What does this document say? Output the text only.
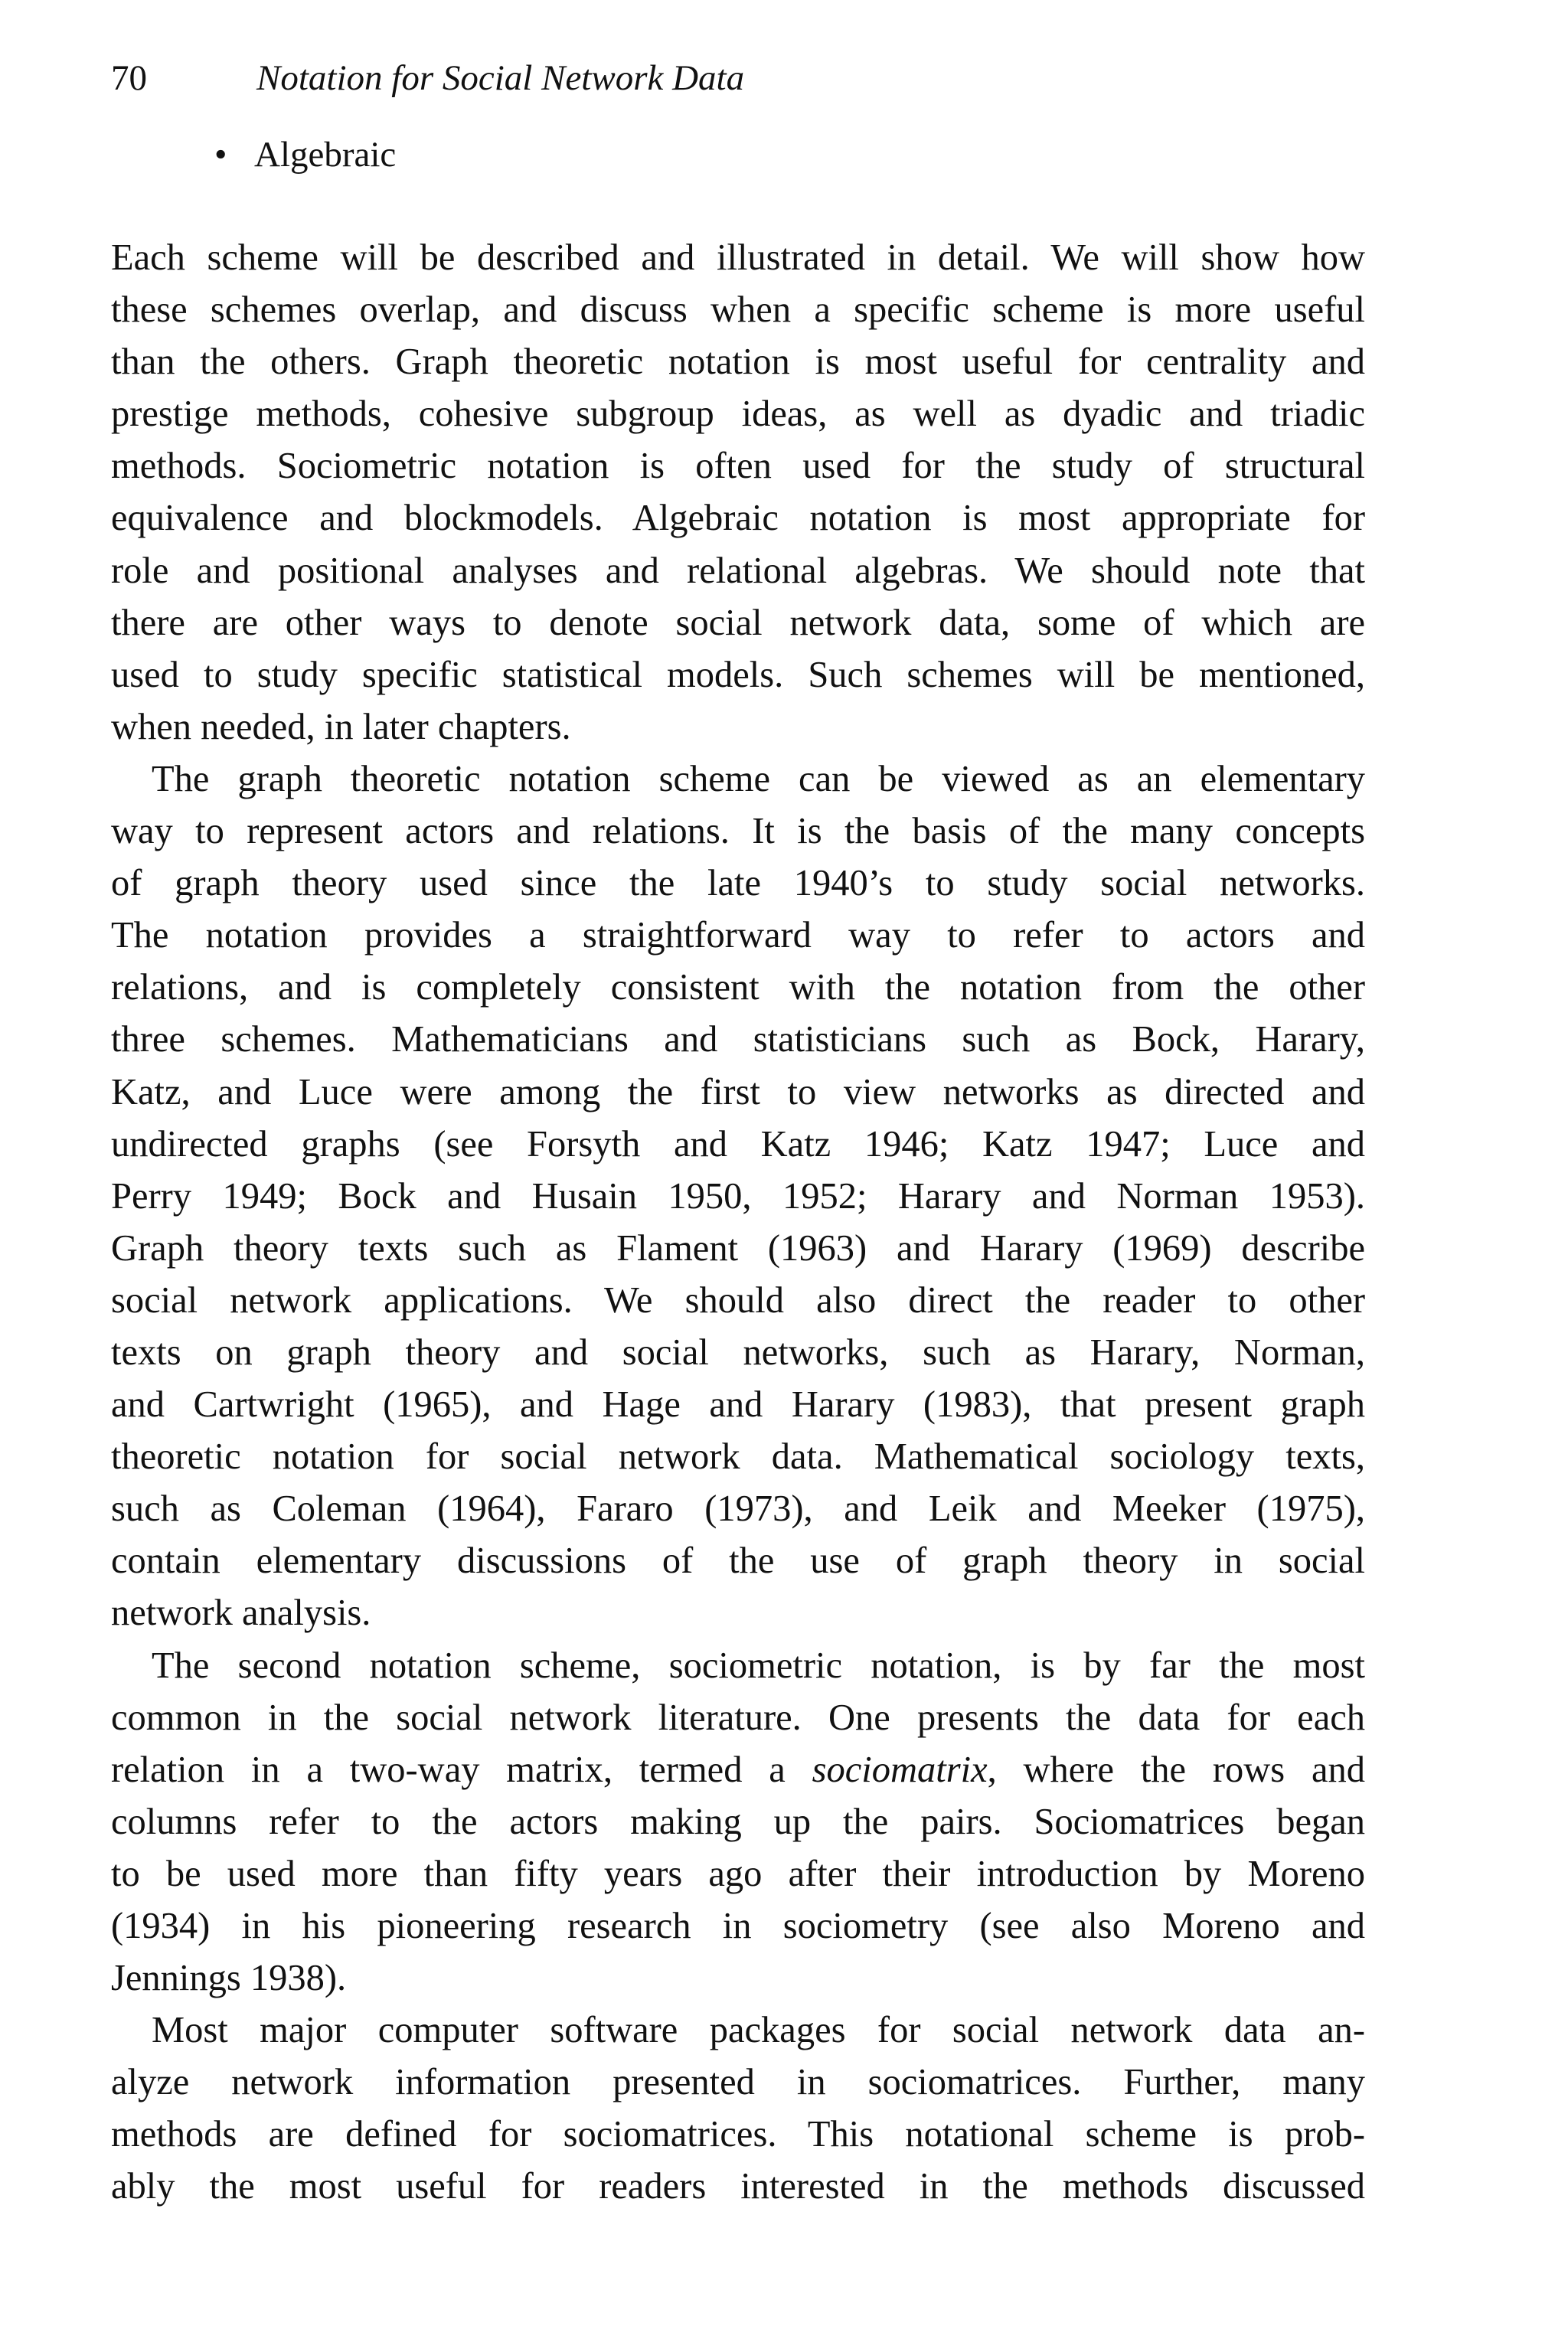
70	Notation for Social Network Data
• Algebraic
Each scheme will be described and illustrated in detail. We will show how
these schemes overlap, and discuss when a specific scheme is more useful
than the others. Graph theoretic notation is most useful for centrality and
prestige methods, cohesive subgroup ideas, as well as dyadic and triadic
methods. Sociometric notation is often used for the study of structural
equivalence and blockmodels. Algebraic notation is most appropriate for
role and positional analyses and relational algebras. We should note that
there are other ways to denote social network data, some of which are
used to study specific statistical models. Such schemes will be mentioned,
when needed, in later chapters.
The graph theoretic notation scheme can be viewed as an elementary
way to represent actors and relations. It is the basis of the many concepts
of graph theory used since the late 1940’s to study social networks.
The notation provides a straightforward way to refer to actors and
relations, and is completely consistent with the notation from the other
three schemes. Mathematicians and statisticians such as Bock, Harary,
Katz, and Luce were among the first to view networks as directed and
undirected graphs (see Forsyth and Katz 1946; Katz 1947; Luce and
Perry 1949; Bock and Husain 1950, 1952; Harary and Norman 1953).
Graph theory texts such as Flament (1963) and Harary (1969) describe
social network applications. We should also direct the reader to other
texts on graph theory and social networks, such as Harary, Norman,
and Cartwright (1965), and Hage and Harary (1983), that present graph
theoretic notation for social network data. Mathematical sociology texts,
such as Coleman (1964), Fararo (1973), and Leik and Meeker (1975),
contain elementary discussions of the use of graph theory in social
network analysis.
The second notation scheme, sociometric notation, is by far the most
common in the social network literature. One presents the data for each
relation in a two-way matrix, termed a sociomatrix, where the rows and
columns refer to the actors making up the pairs. Sociomatrices began
to be used more than fifty years ago after their introduction by Moreno
(1934) in his pioneering research in sociometry (see also Moreno and
Jennings 1938).
Most major computer software packages for social network data an-
alyze network information presented in sociomatrices. Further, many
methods are defined for sociomatrices. This notational scheme is prob-
ably the most useful for readers interested in the methods discussed
